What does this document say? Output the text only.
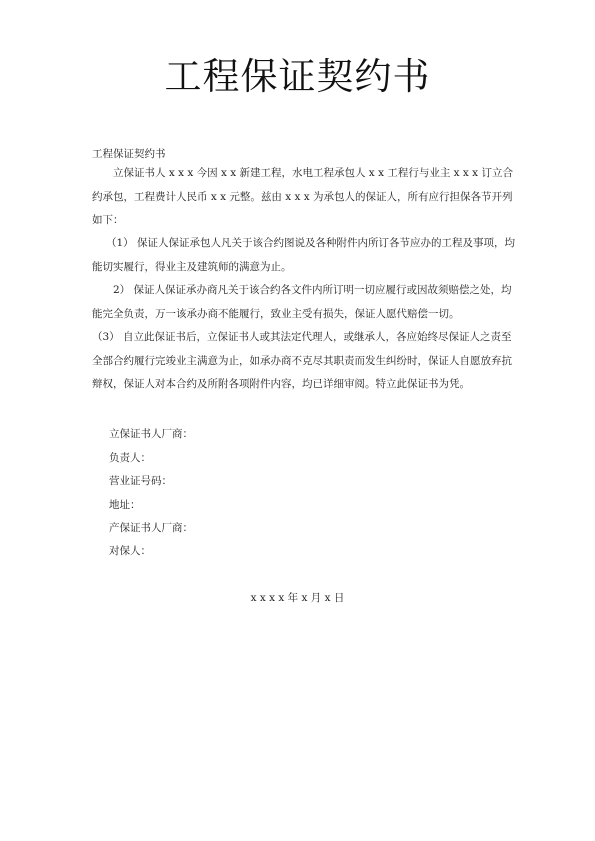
工程保证契约书
工程保证契约书

立保证书人 x x x 今因 x x 新建工程，水电工程承包人 x x 工程行与业主 x x x 订立合约承包，工程费计人民币 x x 元整。兹由 x x x 为承包人的保证人，所有应行担保各节开列如下：

（1） 保证人保证承包人凡关于该合约图说及各种附件内所订各节应办的工程及事项，均能切实履行，得业主及建筑师的满意为止。

2） 保证人保证承办商凡关于该合约各文件内所订明一切应履行或因故须赔偿之处，均能完全负责，万一该承办商不能履行，致业主受有损失，保证人愿代赔偿一切。

（3） 自立此保证书后，立保证书人或其法定代理人，或继承人，各应始终尽保证人之责至全部合约履行完竣业主满意为止，如承办商不克尽其职责而发生纠纷时，保证人自愿放弃抗辩权，保证人对本合约及所附各项附件内容，均已详细审阅。特立此保证书为凭。

立保证书人厂商：
负责人：
营业证号码：
地址：
产保证书人厂商：
对保人：
x x x x 年 x 月 x 日
